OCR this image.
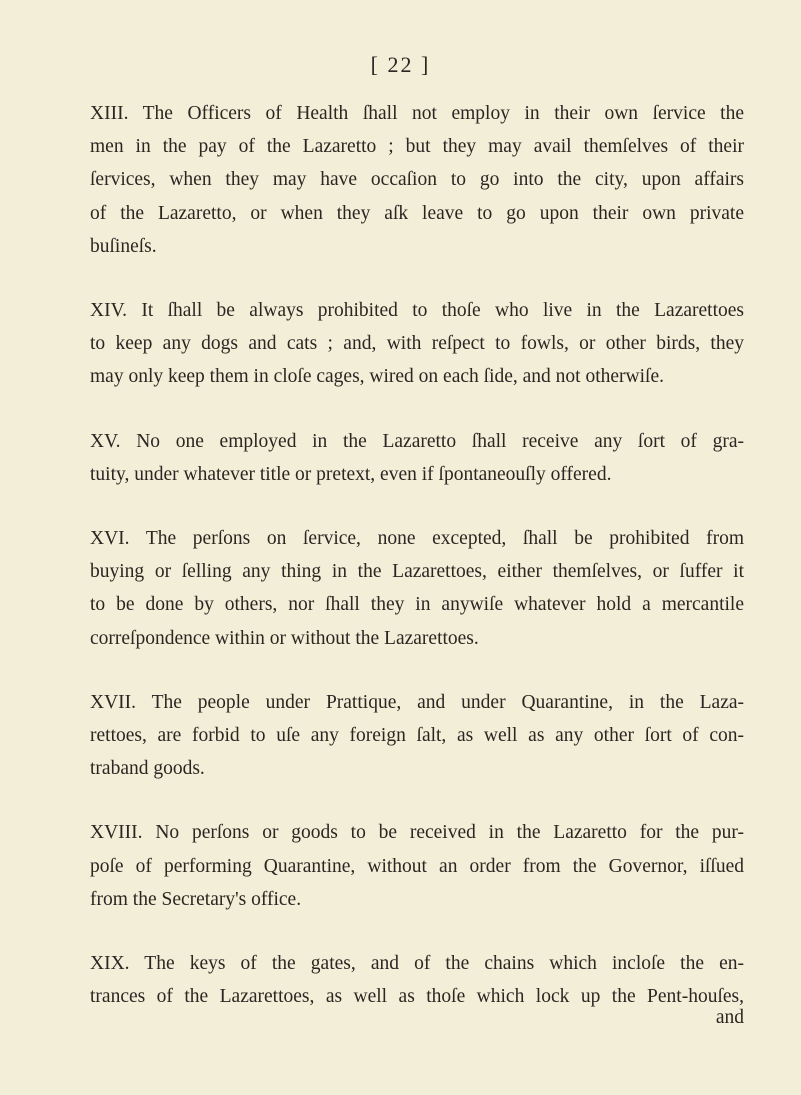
[ 22 ]

XIII. The Officers of Health ſhall not employ in their own ſervice the
men in the pay of the Lazaretto ; but they may avail themſelves of their
ſervices, when they may have occaſion to go into the city, upon affairs
of the Lazaretto, or when they aſk leave to go upon their own private
buſineſs.

XIV. It ſhall be always prohibited to thoſe who live in the Lazarettoes
to keep any dogs and cats ; and, with reſpect to fowls, or other birds, they
may only keep them in cloſe cages, wired on each ſide, and not otherwiſe.

XV. No one employed in the Lazaretto ſhall receive any ſort of gra-
tuity, under whatever title or pretext, even if ſpontaneouſly offered.

XVI. The perſons on ſervice, none excepted, ſhall be prohibited from
buying or ſelling any thing in the Lazarettoes, either themſelves, or ſuffer it
to be done by others, nor ſhall they in anywiſe whatever hold a mercantile
correſpondence within or without the Lazarettoes.

XVII. The people under Prattique, and under Quarantine, in the Laza-
rettoes, are forbid to uſe any foreign ſalt, as well as any other ſort of con-
traband goods.

XVIII. No perſons or goods to be received in the Lazaretto for the pur-
poſe of performing Quarantine, without an order from the Governor, iſſued
from the Secretary's office.

XIX. The keys of the gates, and of the chains which incloſe the en-
trances of the Lazarettoes, as well as thoſe which lock up the Pent-houſes,

and
